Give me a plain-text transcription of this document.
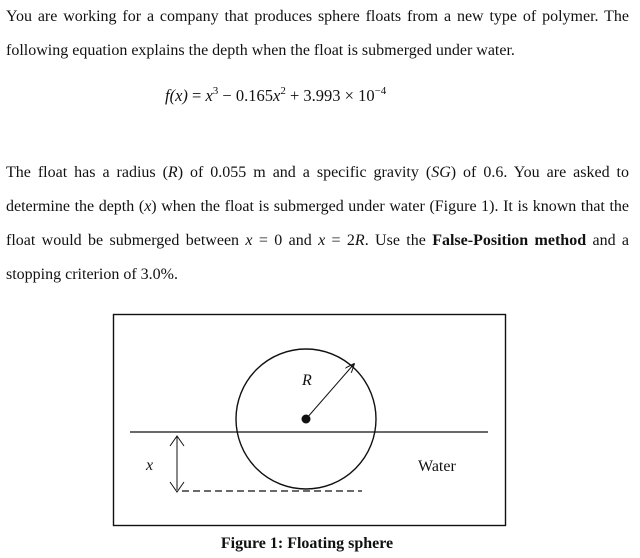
You are working for a company that produces sphere floats from a new type of polymer. The following equation explains the depth when the float is submerged under water.

$f(x) = x^3 - 0.165x^2 + 3.993 \times 10^{-4}$

The float has a radius (R) of 0.055 m and a specific gravity (SG) of 0.6. You are asked to determine the depth (x) when the float is submerged under water (Figure 1). It is known that the float would be submerged between x = 0 and x = 2R. Use the False-Position method and a stopping criterion of 3.0%.

R
x	Water
Figure 1: Floating sphere
